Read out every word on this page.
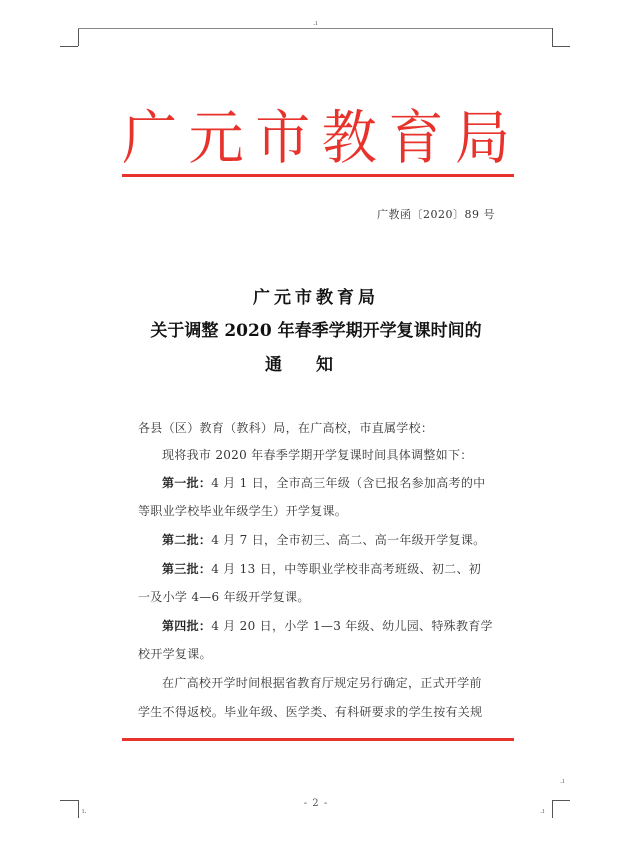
.ı
ı.	.ı
.ı
广元市教育局
广教函〔2020〕89 号
广元市教育局
关于调整 2020 年春季学期开学复课时间的
通知
各县（区）教育（教科）局，在广高校，市直属学校：
现将我市 2020 年春季学期开学复课时间具体调整如下：
第一批：4 月 1 日，全市高三年级（含已报名参加高考的中
等职业学校毕业年级学生）开学复课。
第二批：4 月 7 日，全市初三、高二、高一年级开学复课。
第三批：4 月 13 日，中等职业学校非高考班级、初二、初
一及小学 4—6 年级开学复课。
第四批：4 月 20 日，小学 1—3 年级、幼儿园、特殊教育学
校开学复课。
在广高校开学时间根据省教育厅规定另行确定，正式开学前
学生不得返校。毕业年级、医学类、有科研要求的学生按有关规
- 2 -
